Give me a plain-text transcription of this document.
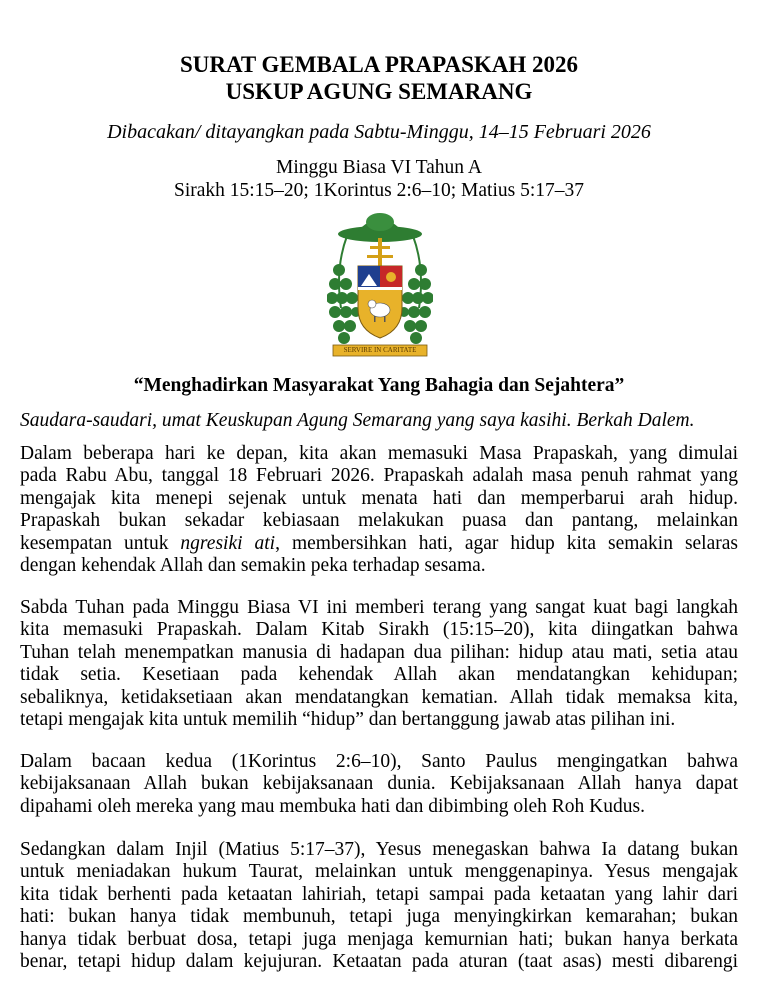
SURAT GEMBALA PRAPASKAH 2026
USKUP AGUNG SEMARANG
Dibacakan/ ditayangkan pada Sabtu-Minggu, 14–15 Februari 2026
Minggu Biasa VI Tahun A
Sirakh 15:15–20; 1Korintus 2:6–10; Matius 5:17–37
SERVIRE IN CARITATE
“Menghadirkan Masyarakat Yang Bahagia dan Sejahtera”
Saudara-saudari, umat Keuskupan Agung Semarang yang saya kasihi. Berkah Dalem.
Dalam beberapa hari ke depan, kita akan memasuki Masa Prapaskah, yang dimulai
pada Rabu Abu, tanggal 18 Februari 2026. Prapaskah adalah masa penuh rahmat yang
mengajak kita menepi sejenak untuk menata hati dan memperbarui arah hidup.
Prapaskah bukan sekadar kebiasaan melakukan puasa dan pantang, melainkan
kesempatan untuk ngresiki ati, membersihkan hati, agar hidup kita semakin selaras
dengan kehendak Allah dan semakin peka terhadap sesama.
Sabda Tuhan pada Minggu Biasa VI ini memberi terang yang sangat kuat bagi langkah
kita memasuki Prapaskah. Dalam Kitab Sirakh (15:15–20), kita diingatkan bahwa
Tuhan telah menempatkan manusia di hadapan dua pilihan: hidup atau mati, setia atau
tidak setia. Kesetiaan pada kehendak Allah akan mendatangkan kehidupan;
sebaliknya, ketidaksetiaan akan mendatangkan kematian. Allah tidak memaksa kita,
tetapi mengajak kita untuk memilih “hidup” dan bertanggung jawab atas pilihan ini.
Dalam bacaan kedua (1Korintus 2:6–10), Santo Paulus mengingatkan bahwa
kebijaksanaan Allah bukan kebijaksanaan dunia. Kebijaksanaan Allah hanya dapat
dipahami oleh mereka yang mau membuka hati dan dibimbing oleh Roh Kudus.
Sedangkan dalam Injil (Matius 5:17–37), Yesus menegaskan bahwa Ia datang bukan
untuk meniadakan hukum Taurat, melainkan untuk menggenapinya. Yesus mengajak
kita tidak berhenti pada ketaatan lahiriah, tetapi sampai pada ketaatan yang lahir dari
hati: bukan hanya tidak membunuh, tetapi juga menyingkirkan kemarahan; bukan
hanya tidak berbuat dosa, tetapi juga menjaga kemurnian hati; bukan hanya berkata
benar, tetapi hidup dalam kejujuran. Ketaatan pada aturan (taat asas) mesti dibarengi
